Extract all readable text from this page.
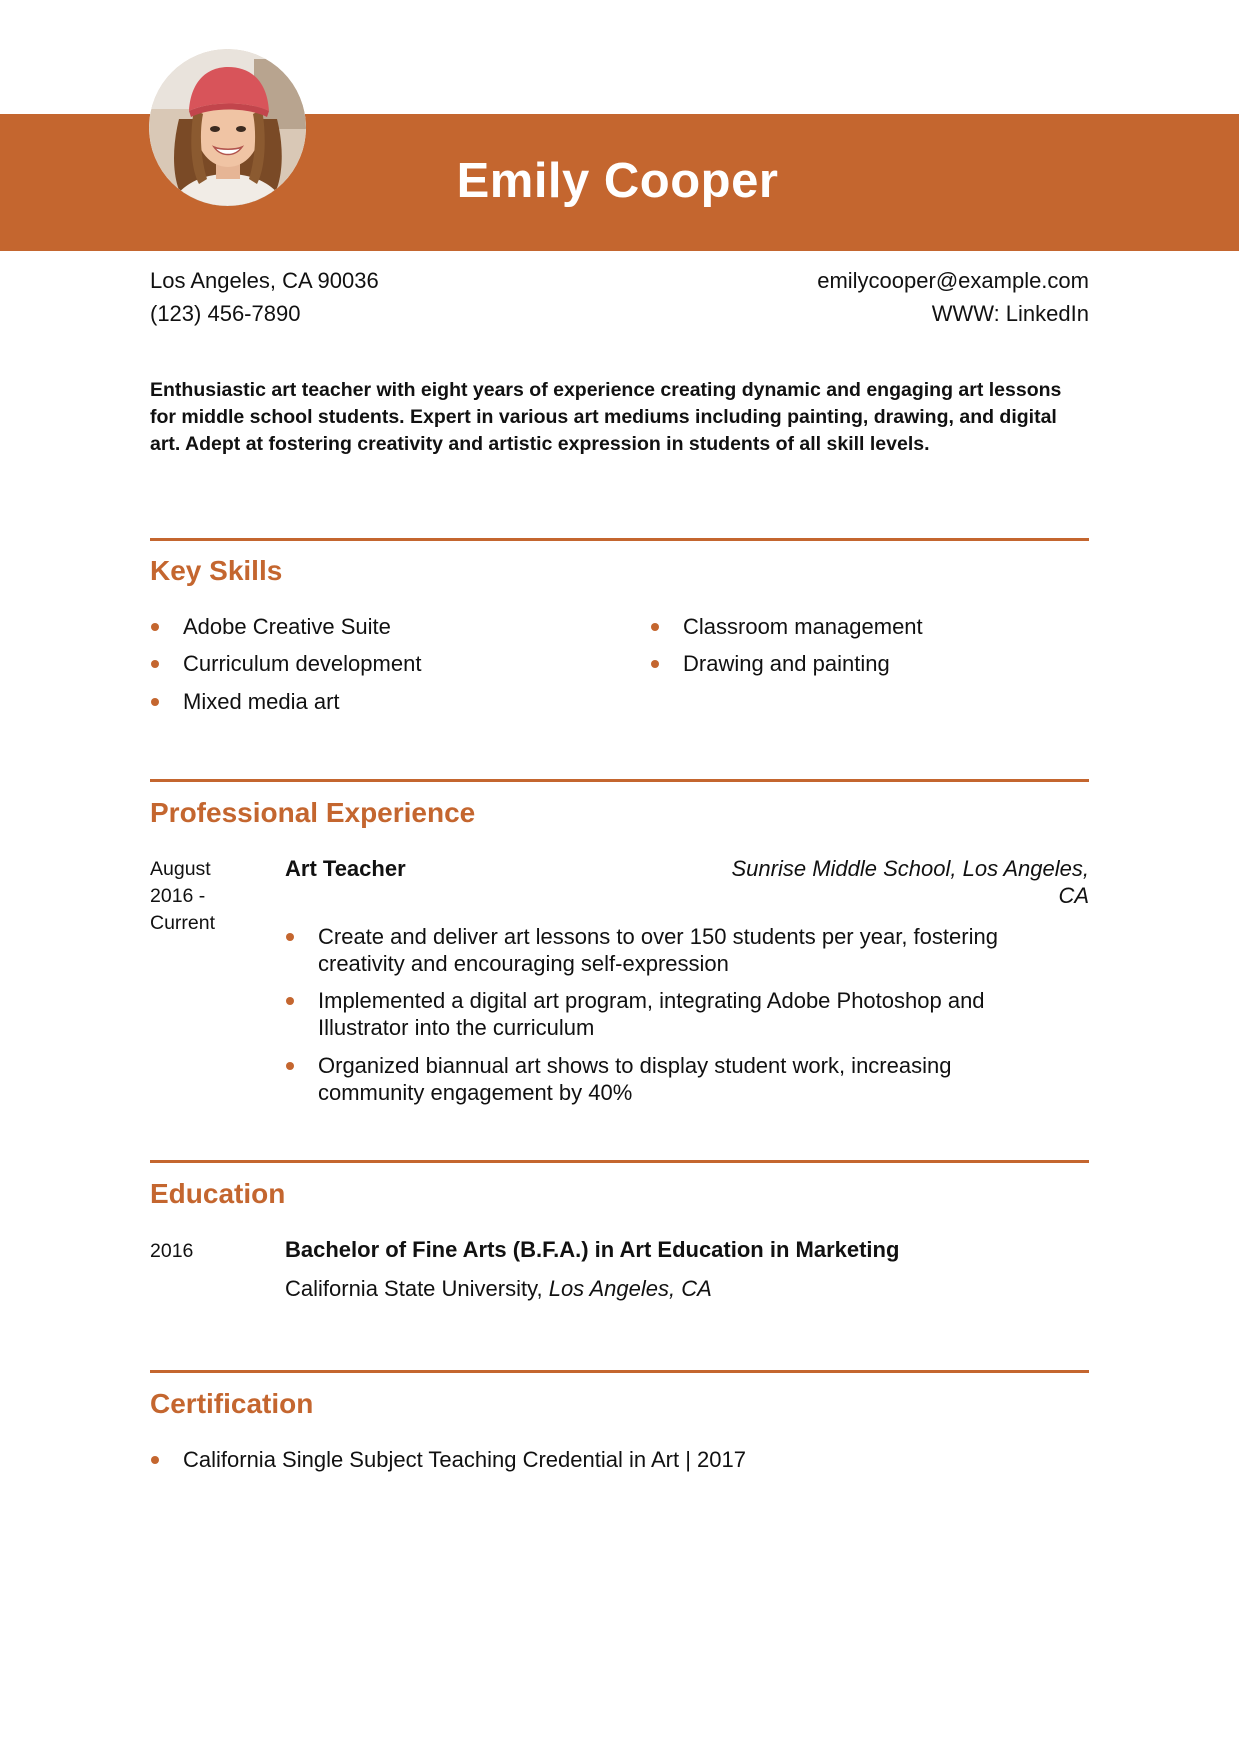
Emily Cooper
Los Angeles, CA 90036
(123) 456-7890
emilycooper@example.com
WWW: LinkedIn
Enthusiastic art teacher with eight years of experience creating dynamic and engaging art lessons for middle school students. Expert in various art mediums including painting, drawing, and digital art. Adept at fostering creativity and artistic expression in students of all skill levels.
Key Skills
Adobe Creative Suite
Curriculum development
Mixed media art
Classroom management
Drawing and painting
Professional Experience
August
2016 -
Current
Art Teacher	Sunrise Middle School, Los Angeles,
CA
Create and deliver art lessons to over 150 students per year, fostering
creativity and encouraging self-expression
Implemented a digital art program, integrating Adobe Photoshop and
Illustrator into the curriculum
Organized biannual art shows to display student work, increasing
community engagement by 40%
Education
2016	Bachelor of Fine Arts (B.F.A.) in Art Education in Marketing
California State University, Los Angeles, CA
Certification
California Single Subject Teaching Credential in Art | 2017
